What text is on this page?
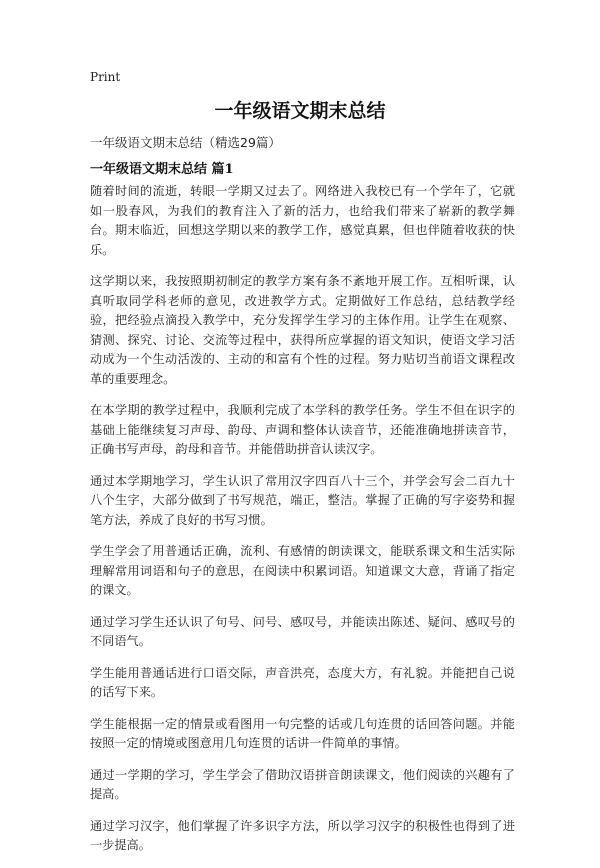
Print
一年级语文期末总结

一年级语文期末总结（精选29篇）

一年级语文期末总结 篇1

随着时间的流逝，转眼一学期又过去了。网络进入我校已有一个学年了，它就如一股春风，为我们的教育注入了新的活力，也给我们带来了崭新的教学舞台。期末临近，回想这学期以来的教学工作，感觉真累，但也伴随着收获的快乐。

这学期以来，我按照期初制定的教学方案有条不紊地开展工作。互相听课，认真听取同学科老师的意见，改进教学方式。定期做好工作总结，总结教学经验，把经验点滴投入教学中，充分发挥学生学习的主体作用。让学生在观察、猜测、探究、讨论、交流等过程中，获得所应掌握的语文知识，使语文学习活动成为一个生动活泼的、主动的和富有个性的过程。努力贴切当前语文课程改革的重要理念。

在本学期的教学过程中，我顺利完成了本学科的教学任务。学生不但在识字的基础上能继续复习声母、韵母、声调和整体认读音节，还能准确地拼读音节，正确书写声母，韵母和音节。并能借助拼音认读汉字。

通过本学期地学习，学生认识了常用汉字四百八十三个，并学会写会二百九十八个生字，大部分做到了书写规范，端正，整洁。掌握了正确的写字姿势和握笔方法，养成了良好的书写习惯。

学生学会了用普通话正确，流利、有感情的朗读课文，能联系课文和生活实际理解常用词语和句子的意思，在阅读中积累词语。知道课文大意，背诵了指定的课文。

通过学习学生还认识了句号、问号、感叹号，并能读出陈述、疑问、感叹号的不同语气。

学生能用普通话进行口语交际，声音洪亮，态度大方，有礼貌。并能把自己说的话写下来。

学生能根据一定的情景或看图用一句完整的话或几句连贯的话回答问题。并能按照一定的情境或图意用几句连贯的话讲一件简单的事情。

通过一学期的学习，学生学会了借助汉语拼音朗读课文，他们阅读的兴趣有了提高。

通过学习汉字，他们掌握了许多识字方法，所以学习汉字的积极性也得到了进一步提高。
